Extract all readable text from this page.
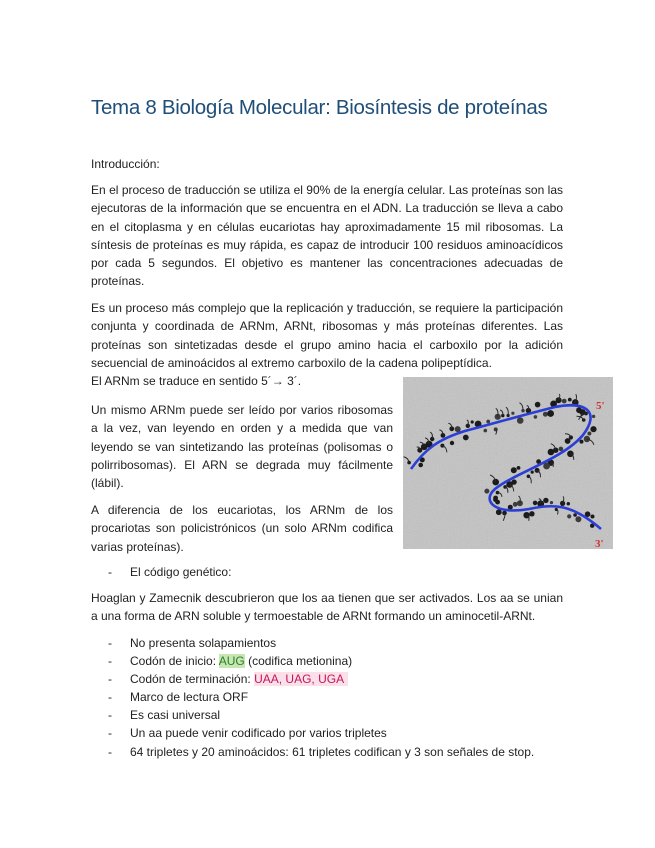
Tema 8 Biología Molecular: Biosíntesis de proteínas

Introducción:

En el proceso de traducción se utiliza el 90% de la energía celular. Las proteínas son las ejecutoras de la información que se encuentra en el ADN. La traducción se lleva a cabo en el citoplasma y en células eucariotas hay aproximadamente 15 mil ribosomas. La síntesis de proteínas es muy rápida, es capaz de introducir 100 residuos aminoacídicos por cada 5 segundos. El objetivo es mantener las concentraciones adecuadas de proteínas.

Es un proceso más complejo que la replicación y traducción, se requiere la participación conjunta y coordinada de ARNm, ARNt, ribosomas y más proteínas diferentes. Las proteínas son sintetizadas desde el grupo amino hacia el carboxilo por la adición secuencial de aminoácidos al extremo carboxilo de la cadena polipeptídica.
El ARNm se traduce en sentido 5´→ 3´.

Un mismo ARNm puede ser leído por varios ribosomas a la vez, van leyendo en orden y a medida que van leyendo se van sintetizando las proteínas (polisomas o polirribosomas). El ARN se degrada muy fácilmente (lábil).

A diferencia de los eucariotas, los ARNm de los procariotas son policistrónicos (un solo ARNm codifica varias proteínas).

5'
3'
- El código genético:

Hoaglan y Zamecnik descubrieron que los aa tienen que ser activados. Los aa se unian a una forma de ARN soluble y termoestable de ARNt formando un aminocetil-ARNt.

- No presenta solapamientos
- Codón de inicio: AUG (codifica metionina)
- Codón de terminación: UAA, UAG, UGA
- Marco de lectura ORF
- Es casi universal
- Un aa puede venir codificado por varios tripletes
- 64 tripletes y 20 aminoácidos: 61 tripletes codifican y 3 son señales de stop.
